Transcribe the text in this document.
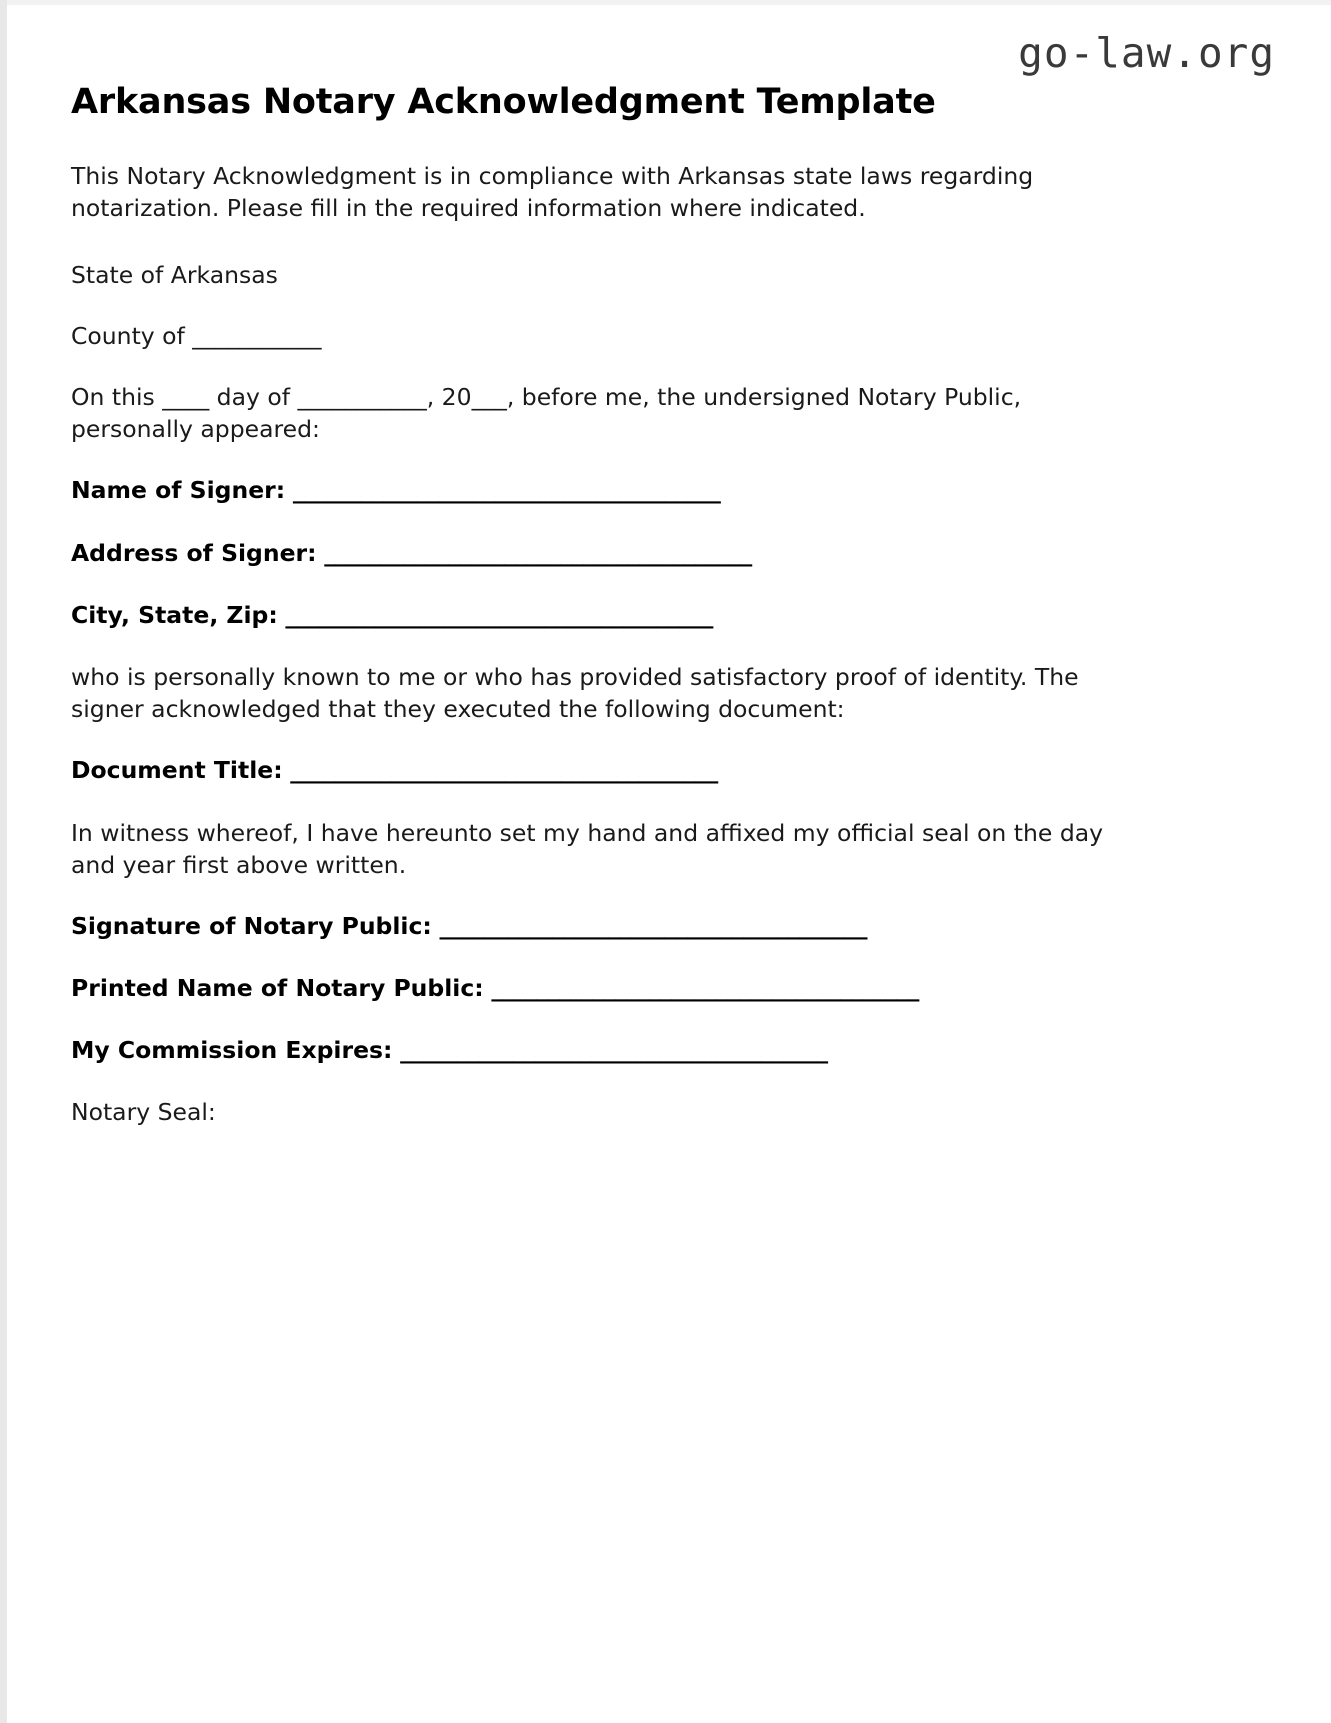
go-law.org
Arkansas Notary Acknowledgment Template

This Notary Acknowledgment is in compliance with Arkansas state laws regarding notarization. Please fill in the required information where indicated.

State of Arkansas

County of ___________

On this ____ day of ___________, 20___, before me, the undersigned Notary Public, personally appeared:

Name of Signer: ______________________________________

Address of Signer: ______________________________________

City, State, Zip: ______________________________________

who is personally known to me or who has provided satisfactory proof of identity. The signer acknowledged that they executed the following document:

Document Title: ______________________________________

In witness whereof, I have hereunto set my hand and affixed my official seal on the day and year first above written.

Signature of Notary Public: ______________________________________

Printed Name of Notary Public: ______________________________________

My Commission Expires: ______________________________________

Notary Seal:
